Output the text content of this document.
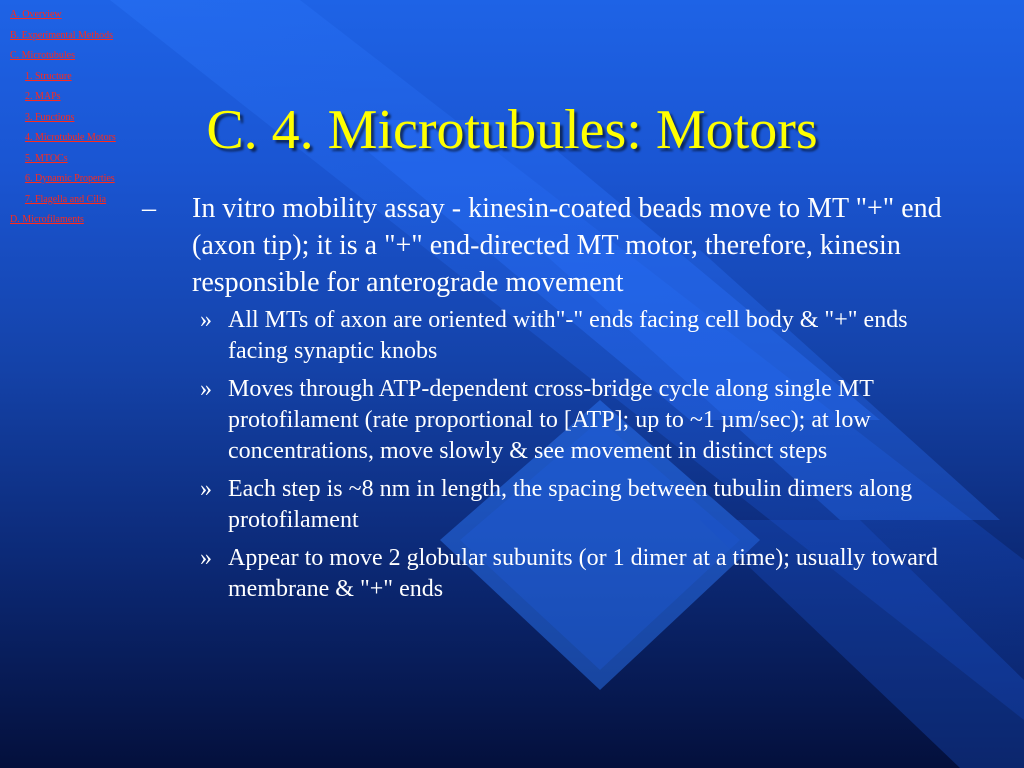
A. Overview
B. Experimental Methods
C. Microtubules
1. Structure
2. MAPs
3. Functions
4. Microtubule Motors
5. MTOCs
6. Dynamic Properties
7. Flagella and Cilia
D. Microfilaments
C. 4. Microtubules: Motors
–	In vitro mobility assay - kinesin-coated beads move to MT "+" end (axon tip); it is a "+" end-directed MT motor, therefore, kinesin responsible for anterograde movement
» All MTs of axon are oriented with"-" ends facing cell body & "+" ends facing synaptic knobs
» Moves through ATP-dependent cross-bridge cycle along single MT protofilament (rate proportional to [ATP]; up to ~1 µm/sec); at low concentrations, move slowly & see movement in distinct steps
» Each step is ~8 nm in length, the spacing between tubulin dimers along protofilament
» Appear to move 2 globular subunits (or 1 dimer at a time); usually toward membrane & "+" ends
